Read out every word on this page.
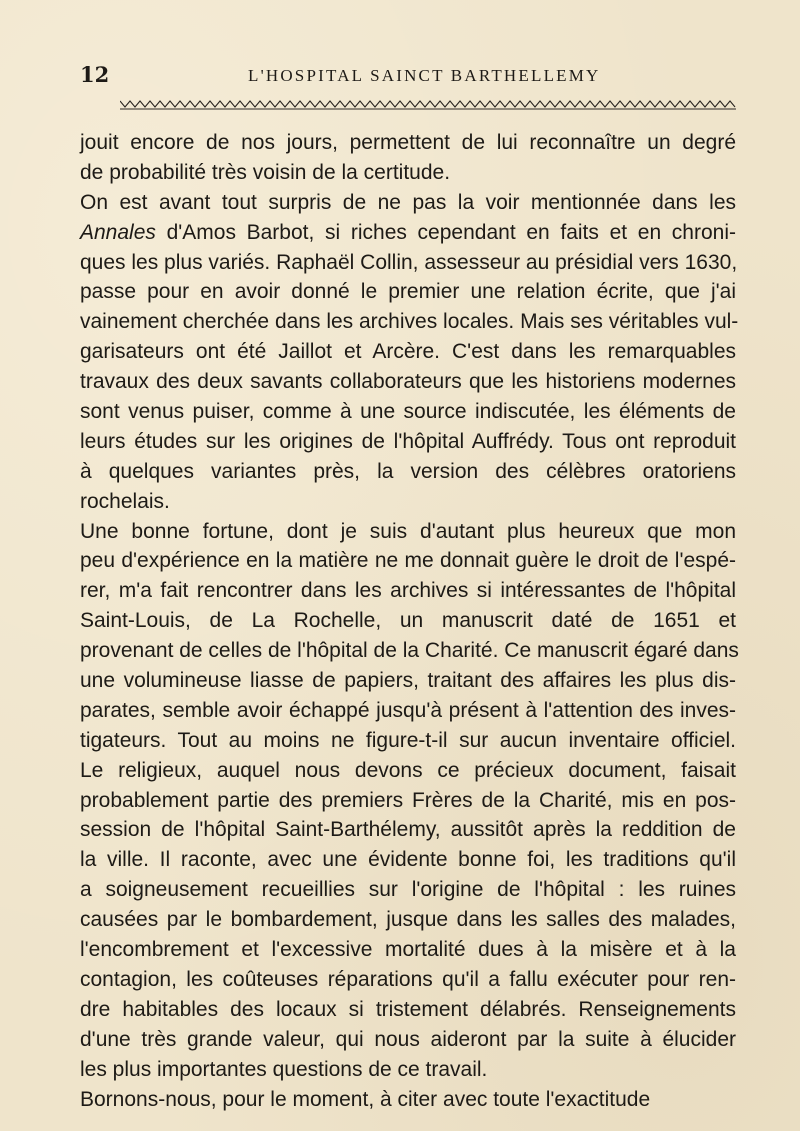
12	L'HOSPITAL SAINCT BARTHELLEMY
jouit encore de nos jours, permettent de lui reconnaître un degré
de probabilité très voisin de la certitude.
On est avant tout surpris de ne pas la voir mentionnée dans les
Annales d'Amos Barbot, si riches cependant en faits et en chroni-
ques les plus variés. Raphaël Collin, assesseur au présidial vers 1630,
passe pour en avoir donné le premier une relation écrite, que j'ai
vainement cherchée dans les archives locales. Mais ses véritables vul-
garisateurs ont été Jaillot et Arcère. C'est dans les remarquables
travaux des deux savants collaborateurs que les historiens modernes
sont venus puiser, comme à une source indiscutée, les éléments de
leurs études sur les origines de l'hôpital Auffrédy. Tous ont reproduit
à quelques variantes près, la version des célèbres oratoriens
rochelais.
Une bonne fortune, dont je suis d'autant plus heureux que mon
peu d'expérience en la matière ne me donnait guère le droit de l'espé-
rer, m'a fait rencontrer dans les archives si intéressantes de l'hôpital
Saint-Louis, de La Rochelle, un manuscrit daté de 1651 et
provenant de celles de l'hôpital de la Charité. Ce manuscrit égaré dans
une volumineuse liasse de papiers, traitant des affaires les plus dis-
parates, semble avoir échappé jusqu'à présent à l'attention des inves-
tigateurs. Tout au moins ne figure-t-il sur aucun inventaire officiel.
Le religieux, auquel nous devons ce précieux document, faisait
probablement partie des premiers Frères de la Charité, mis en pos-
session de l'hôpital Saint-Barthélemy, aussitôt après la reddition de
la ville. Il raconte, avec une évidente bonne foi, les traditions qu'il
a soigneusement recueillies sur l'origine de l'hôpital : les ruines
causées par le bombardement, jusque dans les salles des malades,
l'encombrement et l'excessive mortalité dues à la misère et à la
contagion, les coûteuses réparations qu'il a fallu exécuter pour ren-
dre habitables des locaux si tristement délabrés. Renseignements
d'une très grande valeur, qui nous aideront par la suite à élucider
les plus importantes questions de ce travail.
Bornons-nous, pour le moment, à citer avec toute l'exactitude
